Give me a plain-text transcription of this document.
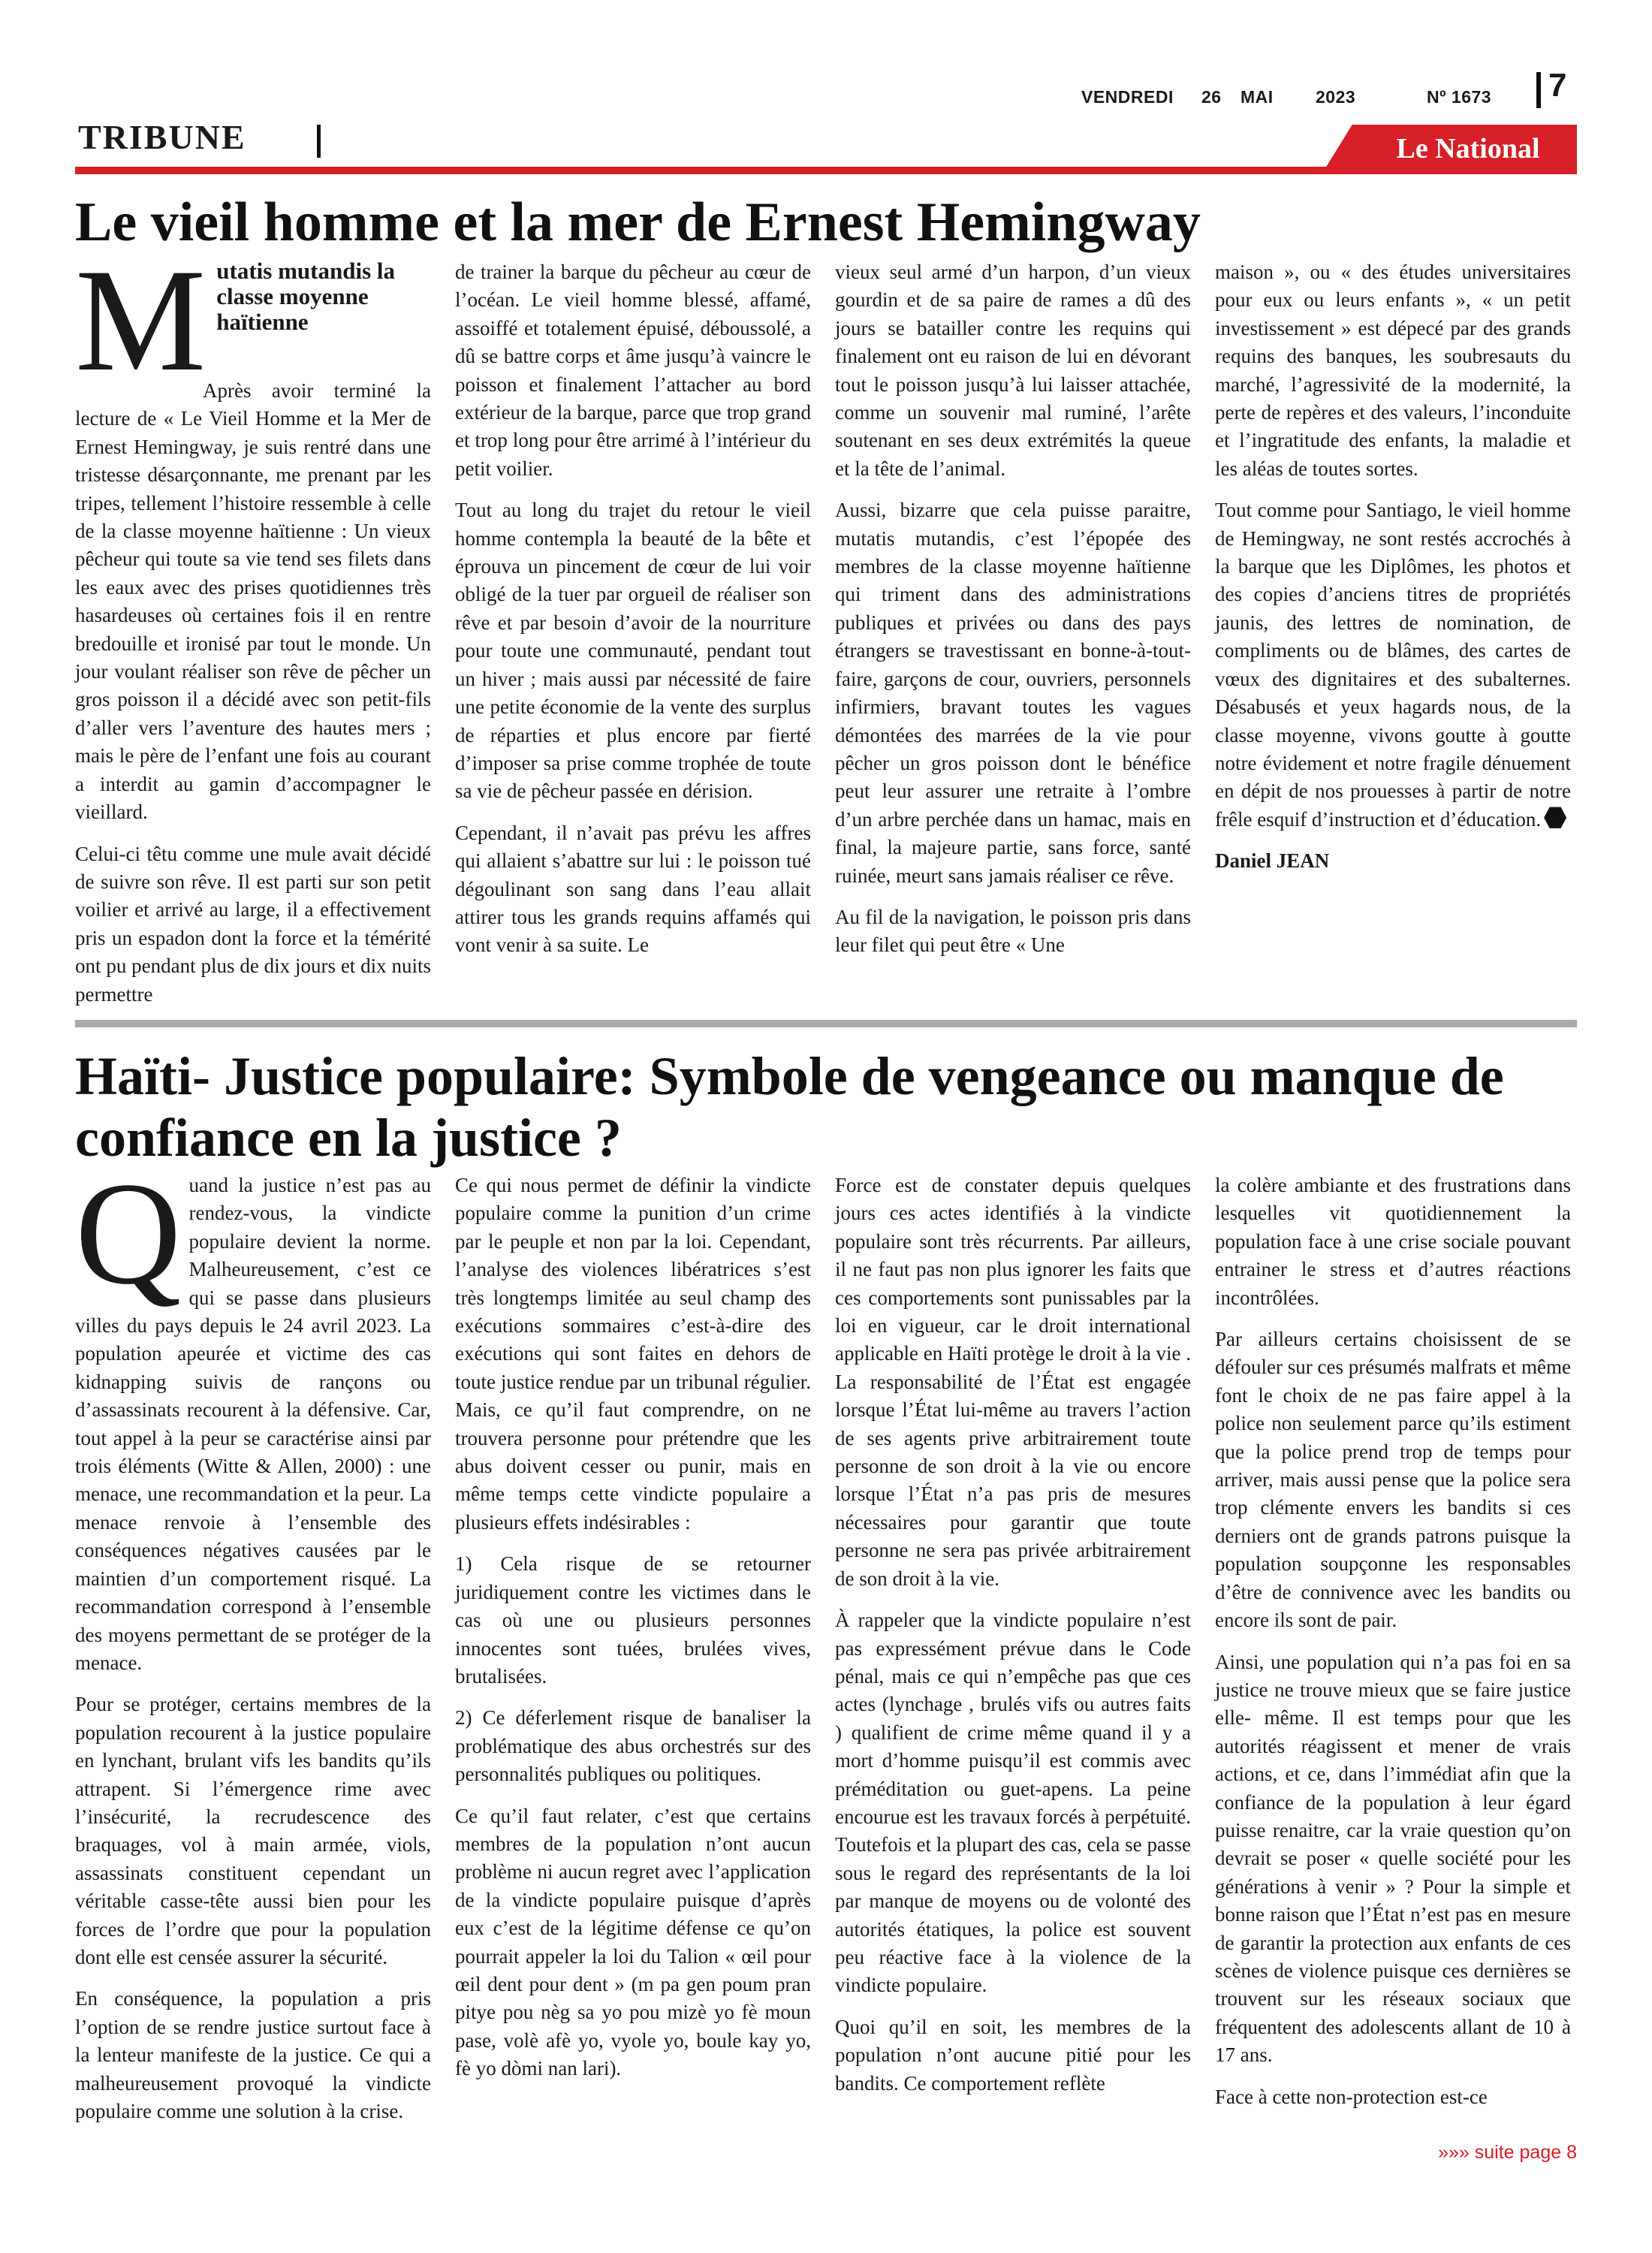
VENDREDI 26 MAI 2023	Nº 1673 7
TRIBUNE	Le National
Le vieil homme et la mer de Ernest Hemingway
M utatis mutandis la classe moyenne haïtienne

Après avoir terminé la lecture de « Le Vieil Homme et la Mer de Ernest Hemingway, je suis rentré dans une tristesse désarçonnante, me prenant par les tripes, tellement l’histoire ressemble à celle de la classe moyenne haïtienne : Un vieux pêcheur qui toute sa vie tend ses filets dans les eaux avec des prises quotidiennes très hasardeuses où certaines fois il en rentre bredouille et ironisé par tout le monde. Un jour voulant réaliser son rêve de pêcher un gros poisson il a décidé avec son petit-fils d’aller vers l’aventure des hautes mers ; mais le père de l’enfant une fois au courant a interdit au gamin d’accompagner le vieillard.

Celui-ci têtu comme une mule avait décidé de suivre son rêve. Il est parti sur son petit voilier et arrivé au large, il a effectivement pris un espadon dont la force et la témérité ont pu pendant plus de dix jours et dix nuits permettre

de trainer la barque du pêcheur au cœur de l’océan. Le vieil homme blessé, affamé, assoiffé et totalement épuisé, déboussolé, a dû se battre corps et âme jusqu’à vaincre le poisson et finalement l’attacher au bord extérieur de la barque, parce que trop grand et trop long pour être arrimé à l’intérieur du petit voilier.

Tout au long du trajet du retour le vieil homme contempla la beauté de la bête et éprouva un pincement de cœur de lui voir obligé de la tuer par orgueil de réaliser son rêve et par besoin d’avoir de la nourriture pour toute une communauté, pendant tout un hiver ; mais aussi par nécessité de faire une petite économie de la vente des surplus de réparties et plus encore par fierté d’imposer sa prise comme trophée de toute sa vie de pêcheur passée en dérision.

Cependant, il n’avait pas prévu les affres qui allaient s’abattre sur lui : le poisson tué dégoulinant son sang dans l’eau allait attirer tous les grands requins affamés qui vont venir à sa suite. Le

vieux seul armé d’un harpon, d’un vieux gourdin et de sa paire de rames a dû des jours se batailler contre les requins qui finalement ont eu raison de lui en dévorant tout le poisson jusqu’à lui laisser attachée, comme un souvenir mal ruminé, l’arête soutenant en ses deux extrémités la queue et la tête de l’animal.

Aussi, bizarre que cela puisse paraitre, mutatis mutandis, c’est l’épopée des membres de la classe moyenne haïtienne qui triment dans des administrations publiques et privées ou dans des pays étrangers se travestissant en bonne-à-tout-faire, garçons de cour, ouvriers, personnels infirmiers, bravant toutes les vagues démontées des marrées de la vie pour pêcher un gros poisson dont le bénéfice peut leur assurer une retraite à l’ombre d’un arbre perchée dans un hamac, mais en final, la majeure partie, sans force, santé ruinée, meurt sans jamais réaliser ce rêve.

Au fil de la navigation, le poisson pris dans leur filet qui peut être « Une

maison », ou « des études universitaires pour eux ou leurs enfants », « un petit investissement » est dépecé par des grands requins des banques, les soubresauts du marché, l’agressivité de la modernité, la perte de repères et des valeurs, l’inconduite et l’ingratitude des enfants, la maladie et les aléas de toutes sortes.

Tout comme pour Santiago, le vieil homme de Hemingway, ne sont restés accrochés à la barque que les Diplômes, les photos et des copies d’anciens titres de propriétés jaunis, des lettres de nomination, de compliments ou de blâmes, des cartes de vœux des dignitaires et des subalternes. Désabusés et yeux hagards nous, de la classe moyenne, vivons goutte à goutte notre évidement et notre fragile dénuement en dépit de nos prouesses à partir de notre frêle esquif d’instruction et d’éducation.

Daniel JEAN

Haïti- Justice populaire: Symbole de vengeance ou manque de confiance en la justice ?
Q uand la justice n’est pas au rendez-vous, la vindicte populaire devient la norme. Malheureusement, c’est ce qui se passe dans plusieurs villes du pays depuis le 24 avril 2023. La population apeurée et victime des cas kidnapping suivis de rançons ou d’assassinats recourent à la défensive. Car, tout appel à la peur se caractérise ainsi par trois éléments (Witte & Allen, 2000) : une menace, une recommandation et la peur. La menace renvoie à l’ensemble des conséquences négatives causées par le maintien d’un comportement risqué. La recommandation correspond à l’ensemble des moyens permettant de se protéger de la menace.

Pour se protéger, certains membres de la population recourent à la justice populaire en lynchant, brulant vifs les bandits qu’ils attrapent. Si l’émergence rime avec l’insécurité, la recrudescence des braquages, vol à main armée, viols, assassinats constituent cependant un véritable casse-tête aussi bien pour les forces de l’ordre que pour la population dont elle est censée assurer la sécurité.

En conséquence, la population a pris l’option de se rendre justice surtout face à la lenteur manifeste de la justice. Ce qui a malheureusement provoqué la vindicte populaire comme une solution à la crise.

Ce qui nous permet de définir la vindicte populaire comme la punition d’un crime par le peuple et non par la loi. Cependant, l’analyse des violences libératrices s’est très longtemps limitée au seul champ des exécutions sommaires c’est-à-dire des exécutions qui sont faites en dehors de toute justice rendue par un tribunal régulier. Mais, ce qu’il faut comprendre, on ne trouvera personne pour prétendre que les abus doivent cesser ou punir, mais en même temps cette vindicte populaire a plusieurs effets indésirables :

1) Cela risque de se retourner juridiquement contre les victimes dans le cas où une ou plusieurs personnes innocentes sont tuées, brulées vives, brutalisées.

2) Ce déferlement risque de banaliser la problématique des abus orchestrés sur des personnalités publiques ou politiques.

Ce qu’il faut relater, c’est que certains membres de la population n’ont aucun problème ni aucun regret avec l’application de la vindicte populaire puisque d’après eux c’est de la légitime défense ce qu’on pourrait appeler la loi du Talion « œil pour œil dent pour dent » (m pa gen poum pran pitye pou nèg sa yo pou mizè yo fè moun pase, volè afè yo, vyole yo, boule kay yo, fè yo dòmi nan lari).

Force est de constater depuis quelques jours ces actes identifiés à la vindicte populaire sont très récurrents. Par ailleurs, il ne faut pas non plus ignorer les faits que ces comportements sont punissables par la loi en vigueur, car le droit international applicable en Haïti protège le droit à la vie . La responsabilité de l’État est engagée lorsque l’État lui-même au travers l’action de ses agents prive arbitrairement toute personne de son droit à la vie ou encore lorsque l’État n’a pas pris de mesures nécessaires pour garantir que toute personne ne sera pas privée arbitrairement de son droit à la vie.

À rappeler que la vindicte populaire n’est pas expressément prévue dans le Code pénal, mais ce qui n’empêche pas que ces actes (lynchage , brulés vifs ou autres faits ) qualifient de crime même quand il y a mort d’homme puisqu’il est commis avec préméditation ou guet-apens. La peine encourue est les travaux forcés à perpétuité. Toutefois et la plupart des cas, cela se passe sous le regard des représentants de la loi par manque de moyens ou de volonté des autorités étatiques, la police est souvent peu réactive face à la violence de la vindicte populaire.

Quoi qu’il en soit, les membres de la population n’ont aucune pitié pour les bandits. Ce comportement reflète

la colère ambiante et des frustrations dans lesquelles vit quotidiennement la population face à une crise sociale pouvant entrainer le stress et d’autres réactions incontrôlées.

Par ailleurs certains choisissent de se défouler sur ces présumés malfrats et même font le choix de ne pas faire appel à la police non seulement parce qu’ils estiment que la police prend trop de temps pour arriver, mais aussi pense que la police sera trop clémente envers les bandits si ces derniers ont de grands patrons puisque la population soupçonne les responsables d’être de connivence avec les bandits ou encore ils sont de pair.

Ainsi, une population qui n’a pas foi en sa justice ne trouve mieux que se faire justice elle- même. Il est temps pour que les autorités réagissent et mener de vrais actions, et ce, dans l’immédiat afin que la confiance de la population à leur égard puisse renaitre, car la vraie question qu’on devrait se poser « quelle société pour les générations à venir » ? Pour la simple et bonne raison que l’État n’est pas en mesure de garantir la protection aux enfants de ces scènes de violence puisque ces dernières se trouvent sur les réseaux sociaux que fréquentent des adolescents allant de 10 à 17 ans.

Face à cette non-protection est-ce

»»» suite page 8
